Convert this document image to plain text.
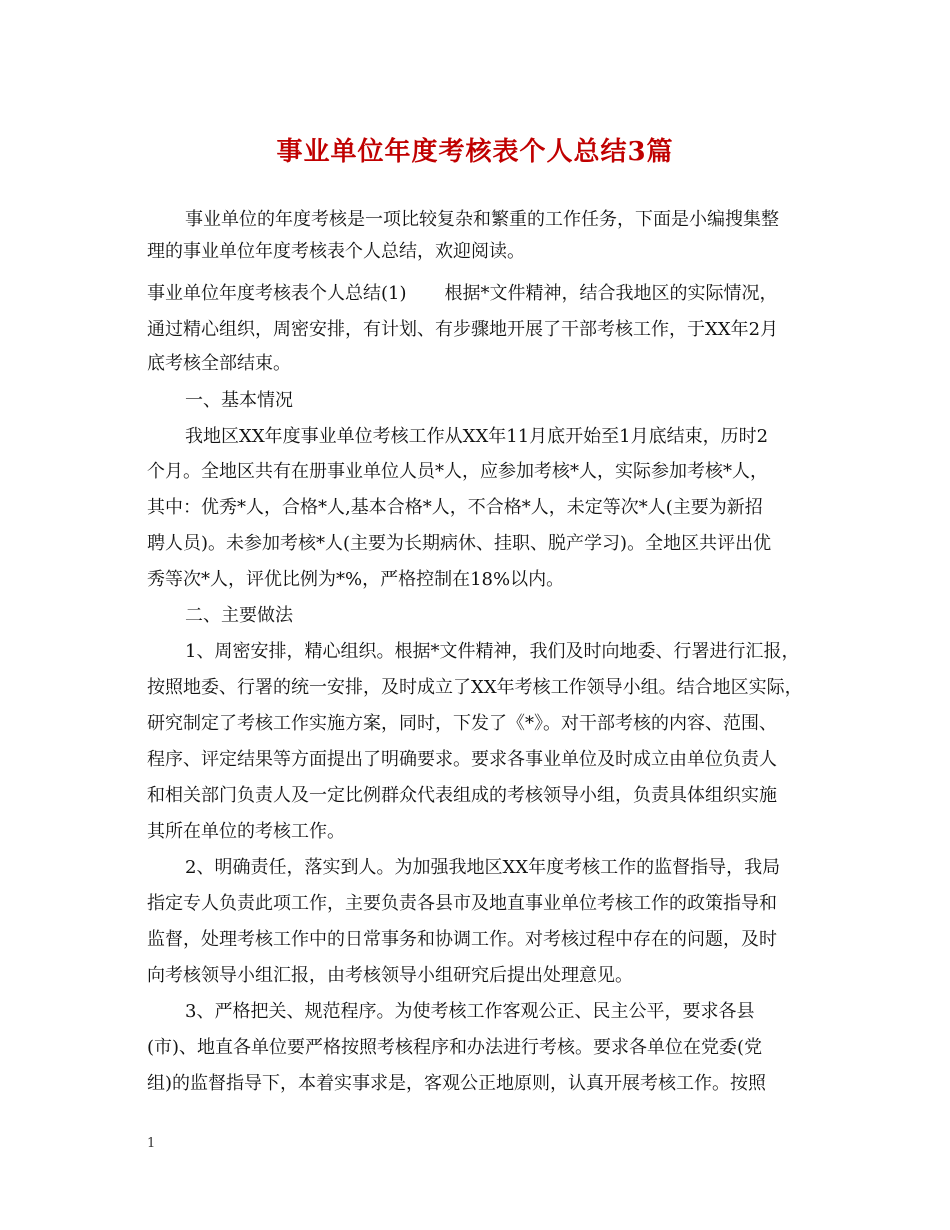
事业单位年度考核表个人总结3篇
事业单位的年度考核是一项比较复杂和繁重的工作任务，下面是小编搜集整
理的事业单位年度考核表个人总结，欢迎阅读。
事业单位年度考核表个人总结(1) 根据*文件精神，结合我地区的实际情况，
通过精心组织，周密安排，有计划、有步骤地开展了干部考核工作，于XX年2月
底考核全部结束。
一、基本情况
我地区XX年度事业单位考核工作从XX年11月底开始至1月底结束，历时2
个月。全地区共有在册事业单位人员*人，应参加考核*人，实际参加考核*人，
其中：优秀*人，合格*人,基本合格*人，不合格*人，未定等次*人(主要为新招
聘人员)。未参加考核*人(主要为长期病休、挂职、脱产学习)。全地区共评出优
秀等次*人，评优比例为*%，严格控制在18%以内。
二、主要做法
1、周密安排，精心组织。根据*文件精神，我们及时向地委、行署进行汇报，
按照地委、行署的统一安排，及时成立了XX年考核工作领导小组。结合地区实际，
研究制定了考核工作实施方案，同时，下发了《*》。对干部考核的内容、范围、
程序、评定结果等方面提出了明确要求。要求各事业单位及时成立由单位负责人
和相关部门负责人及一定比例群众代表组成的考核领导小组，负责具体组织实施
其所在单位的考核工作。
2、明确责任，落实到人。为加强我地区XX年度考核工作的监督指导，我局
指定专人负责此项工作，主要负责各县市及地直事业单位考核工作的政策指导和
监督，处理考核工作中的日常事务和协调工作。对考核过程中存在的问题，及时
向考核领导小组汇报，由考核领导小组研究后提出处理意见。
3、严格把关、规范程序。为使考核工作客观公正、民主公平，要求各县
(市)、地直各单位要严格按照考核程序和办法进行考核。要求各单位在党委(党
组)的监督指导下，本着实事求是，客观公正地原则，认真开展考核工作。按照
1
